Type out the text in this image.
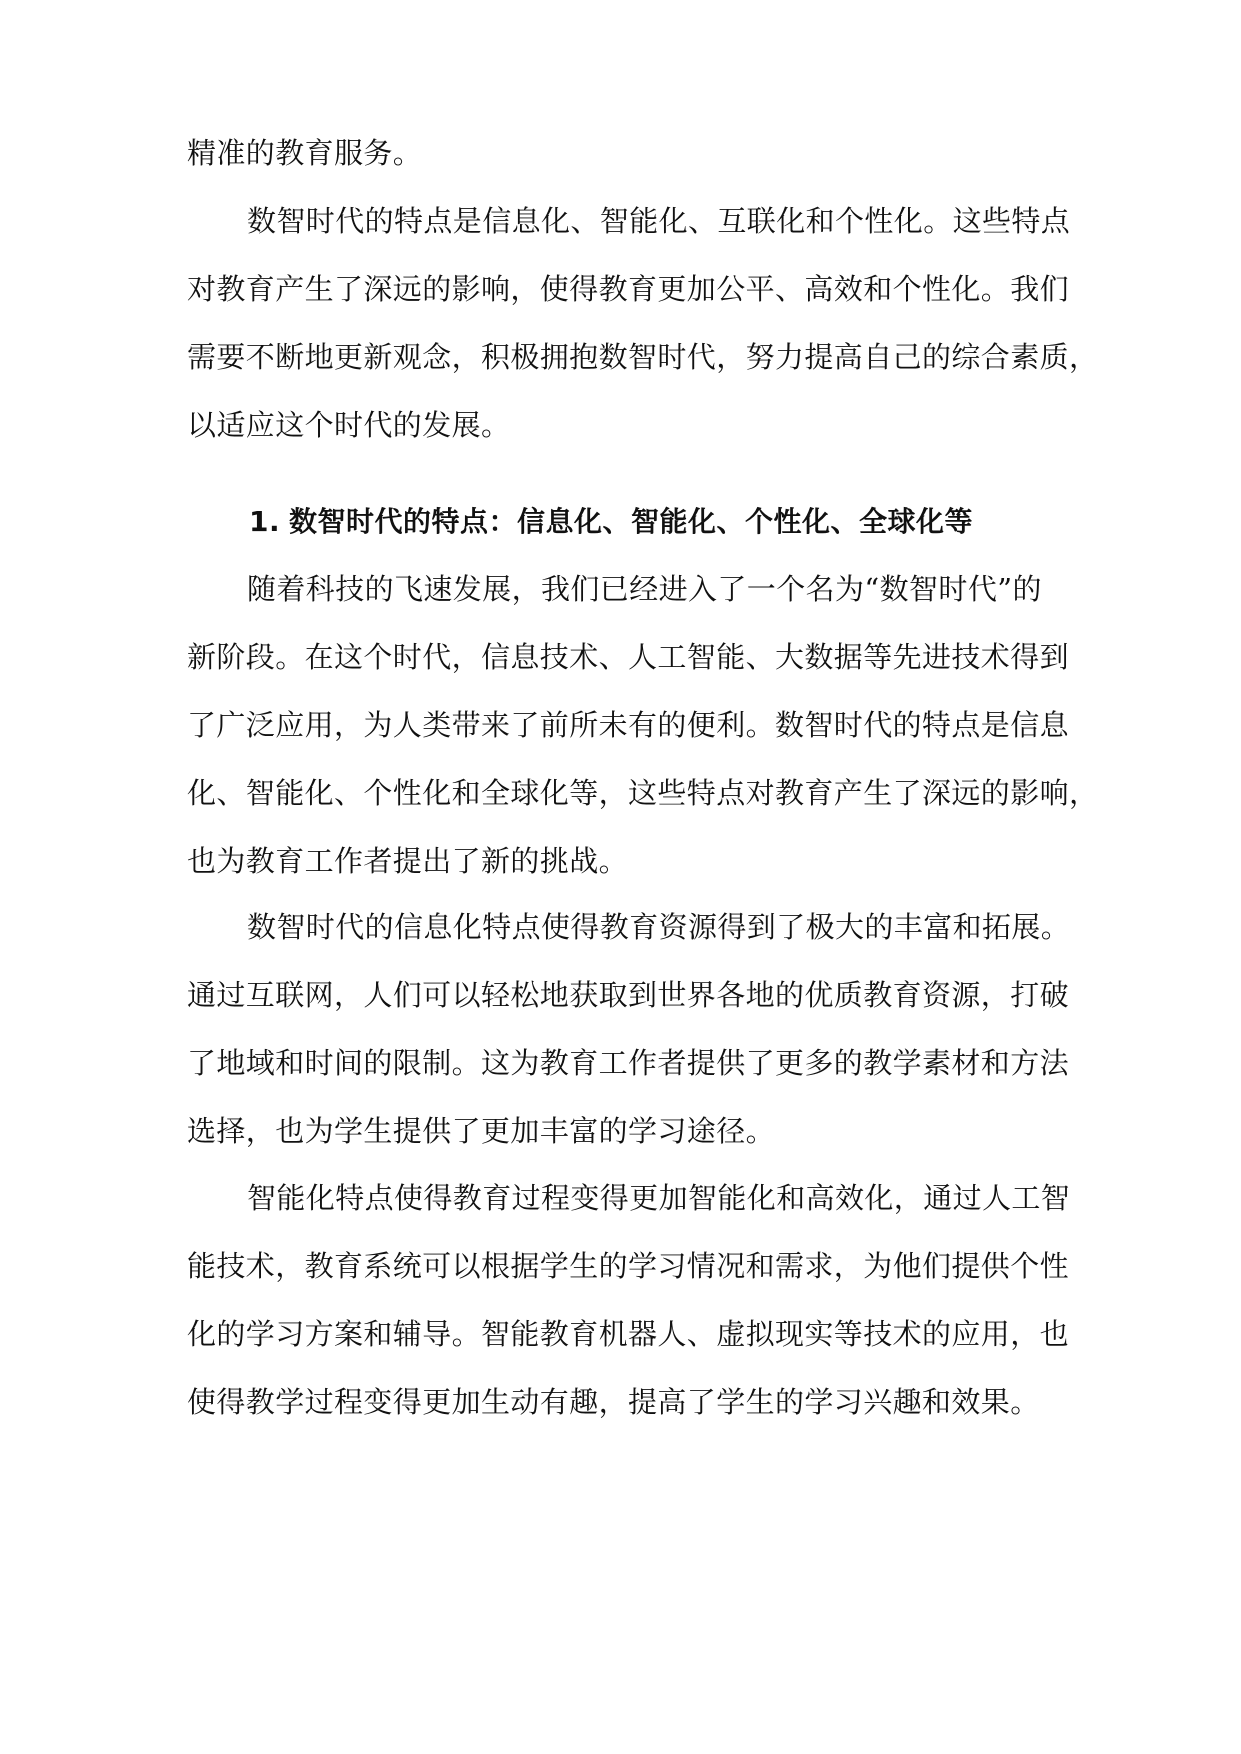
精准的教育服务。
数智时代的特点是信息化、智能化、互联化和个性化。这些特点
对教育产生了深远的影响，使得教育更加公平、高效和个性化。我们
需要不断地更新观念，积极拥抱数智时代，努力提高自己的综合素质，
以适应这个时代的发展。
1. 数智时代的特点：信息化、智能化、个性化、全球化等
随着科技的飞速发展，我们已经进入了一个名为“数智时代”的
新阶段。在这个时代，信息技术、人工智能、大数据等先进技术得到
了广泛应用，为人类带来了前所未有的便利。数智时代的特点是信息
化、智能化、个性化和全球化等，这些特点对教育产生了深远的影响，
也为教育工作者提出了新的挑战。
数智时代的信息化特点使得教育资源得到了极大的丰富和拓展。
通过互联网，人们可以轻松地获取到世界各地的优质教育资源，打破
了地域和时间的限制。这为教育工作者提供了更多的教学素材和方法
选择，也为学生提供了更加丰富的学习途径。
智能化特点使得教育过程变得更加智能化和高效化，通过人工智
能技术，教育系统可以根据学生的学习情况和需求，为他们提供个性
化的学习方案和辅导。智能教育机器人、虚拟现实等技术的应用，也
使得教学过程变得更加生动有趣，提高了学生的学习兴趣和效果。
